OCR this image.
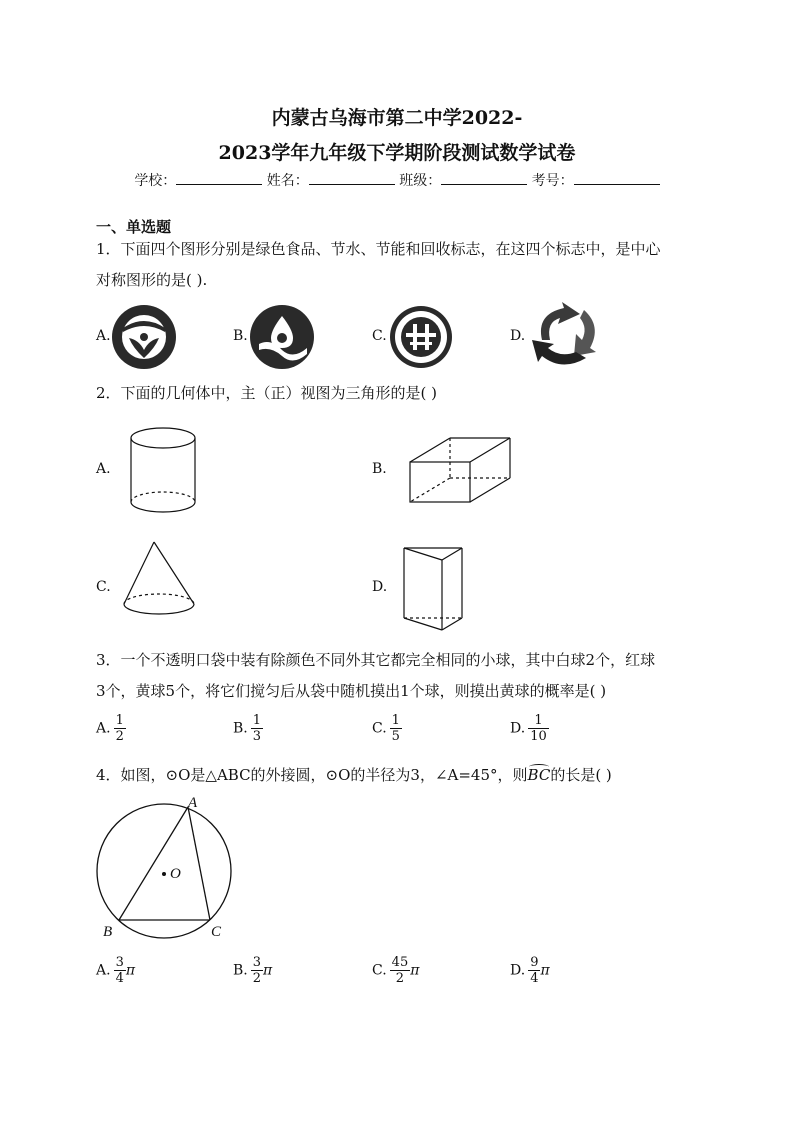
内蒙古乌海市第二中学2022-
2023学年九年级下学期阶段测试数学试卷
学校：	姓名：	班级：	考号：
一、单选题
1．下面四个图形分别是绿色食品、节水、节能和回收标志，在这四个标志中，是中心
对称图形的是( ).
A.	B.	C.	D.
2．下面的几何体中，主（正）视图为三角形的是( )
A.	B.
C.	D.
3．一个不透明口袋中装有除颜色不同外其它都完全相同的小球，其中白球2个，红球
3个，黄球5个，将它们搅匀后从袋中随机摸出1个球，则摸出黄球的概率是( )
A. $\frac{1}{2}$	B. $\frac{1}{3}$	C. $\frac{1}{5}$	D. $\frac{1}{10}$
4．如图，⊙O是△ABC的外接圆，⊙O的半径为3，∠A=45°，则
BC的长是( )
A
B	C
O
A. $\frac{3}{4}$ π	B. $\frac{3}{2}$ π	C. $\frac{45}{2}$ π	D. $\frac{9}{4}$ π
